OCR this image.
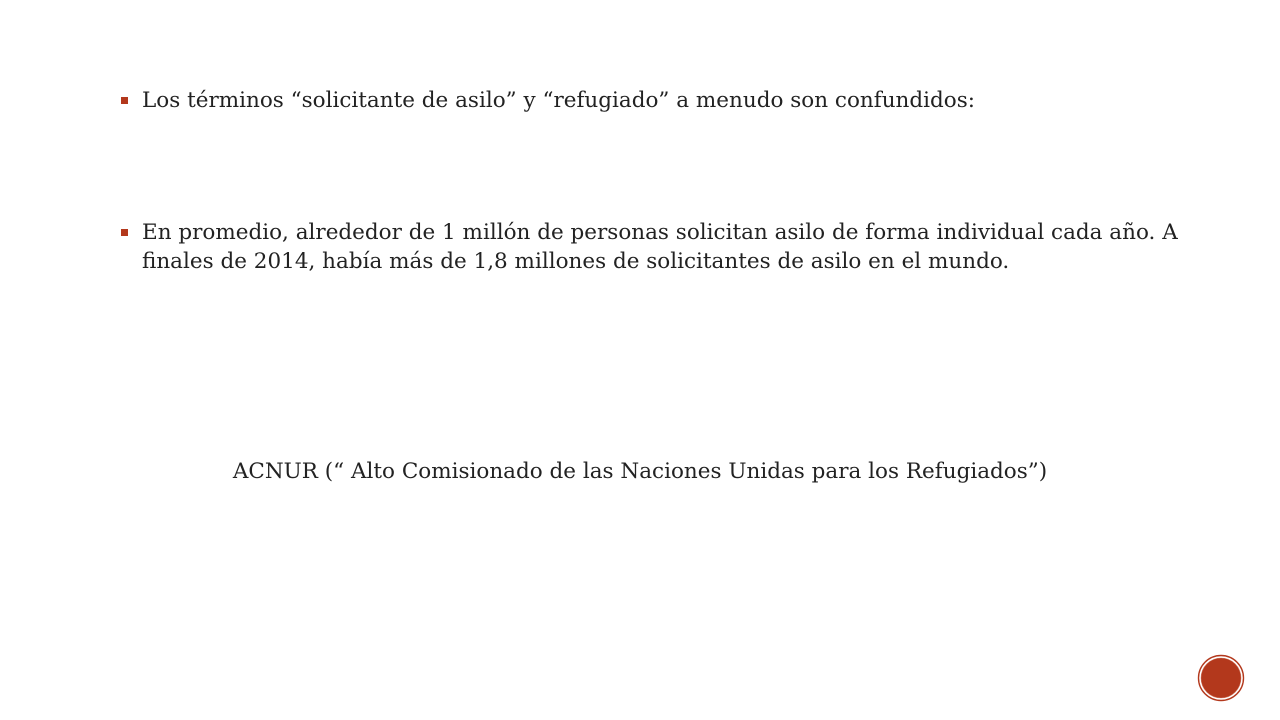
Los términos “solicitante de asilo” y “refugiado” a menudo son confundidos:
En promedio, alrededor de 1 millón de personas solicitan asilo de forma individual cada año. A finales de 2014, había más de 1,8 millones de solicitantes de asilo en el mundo.
ACNUR (“ Alto Comisionado de las Naciones Unidas para los Refugiados”)
